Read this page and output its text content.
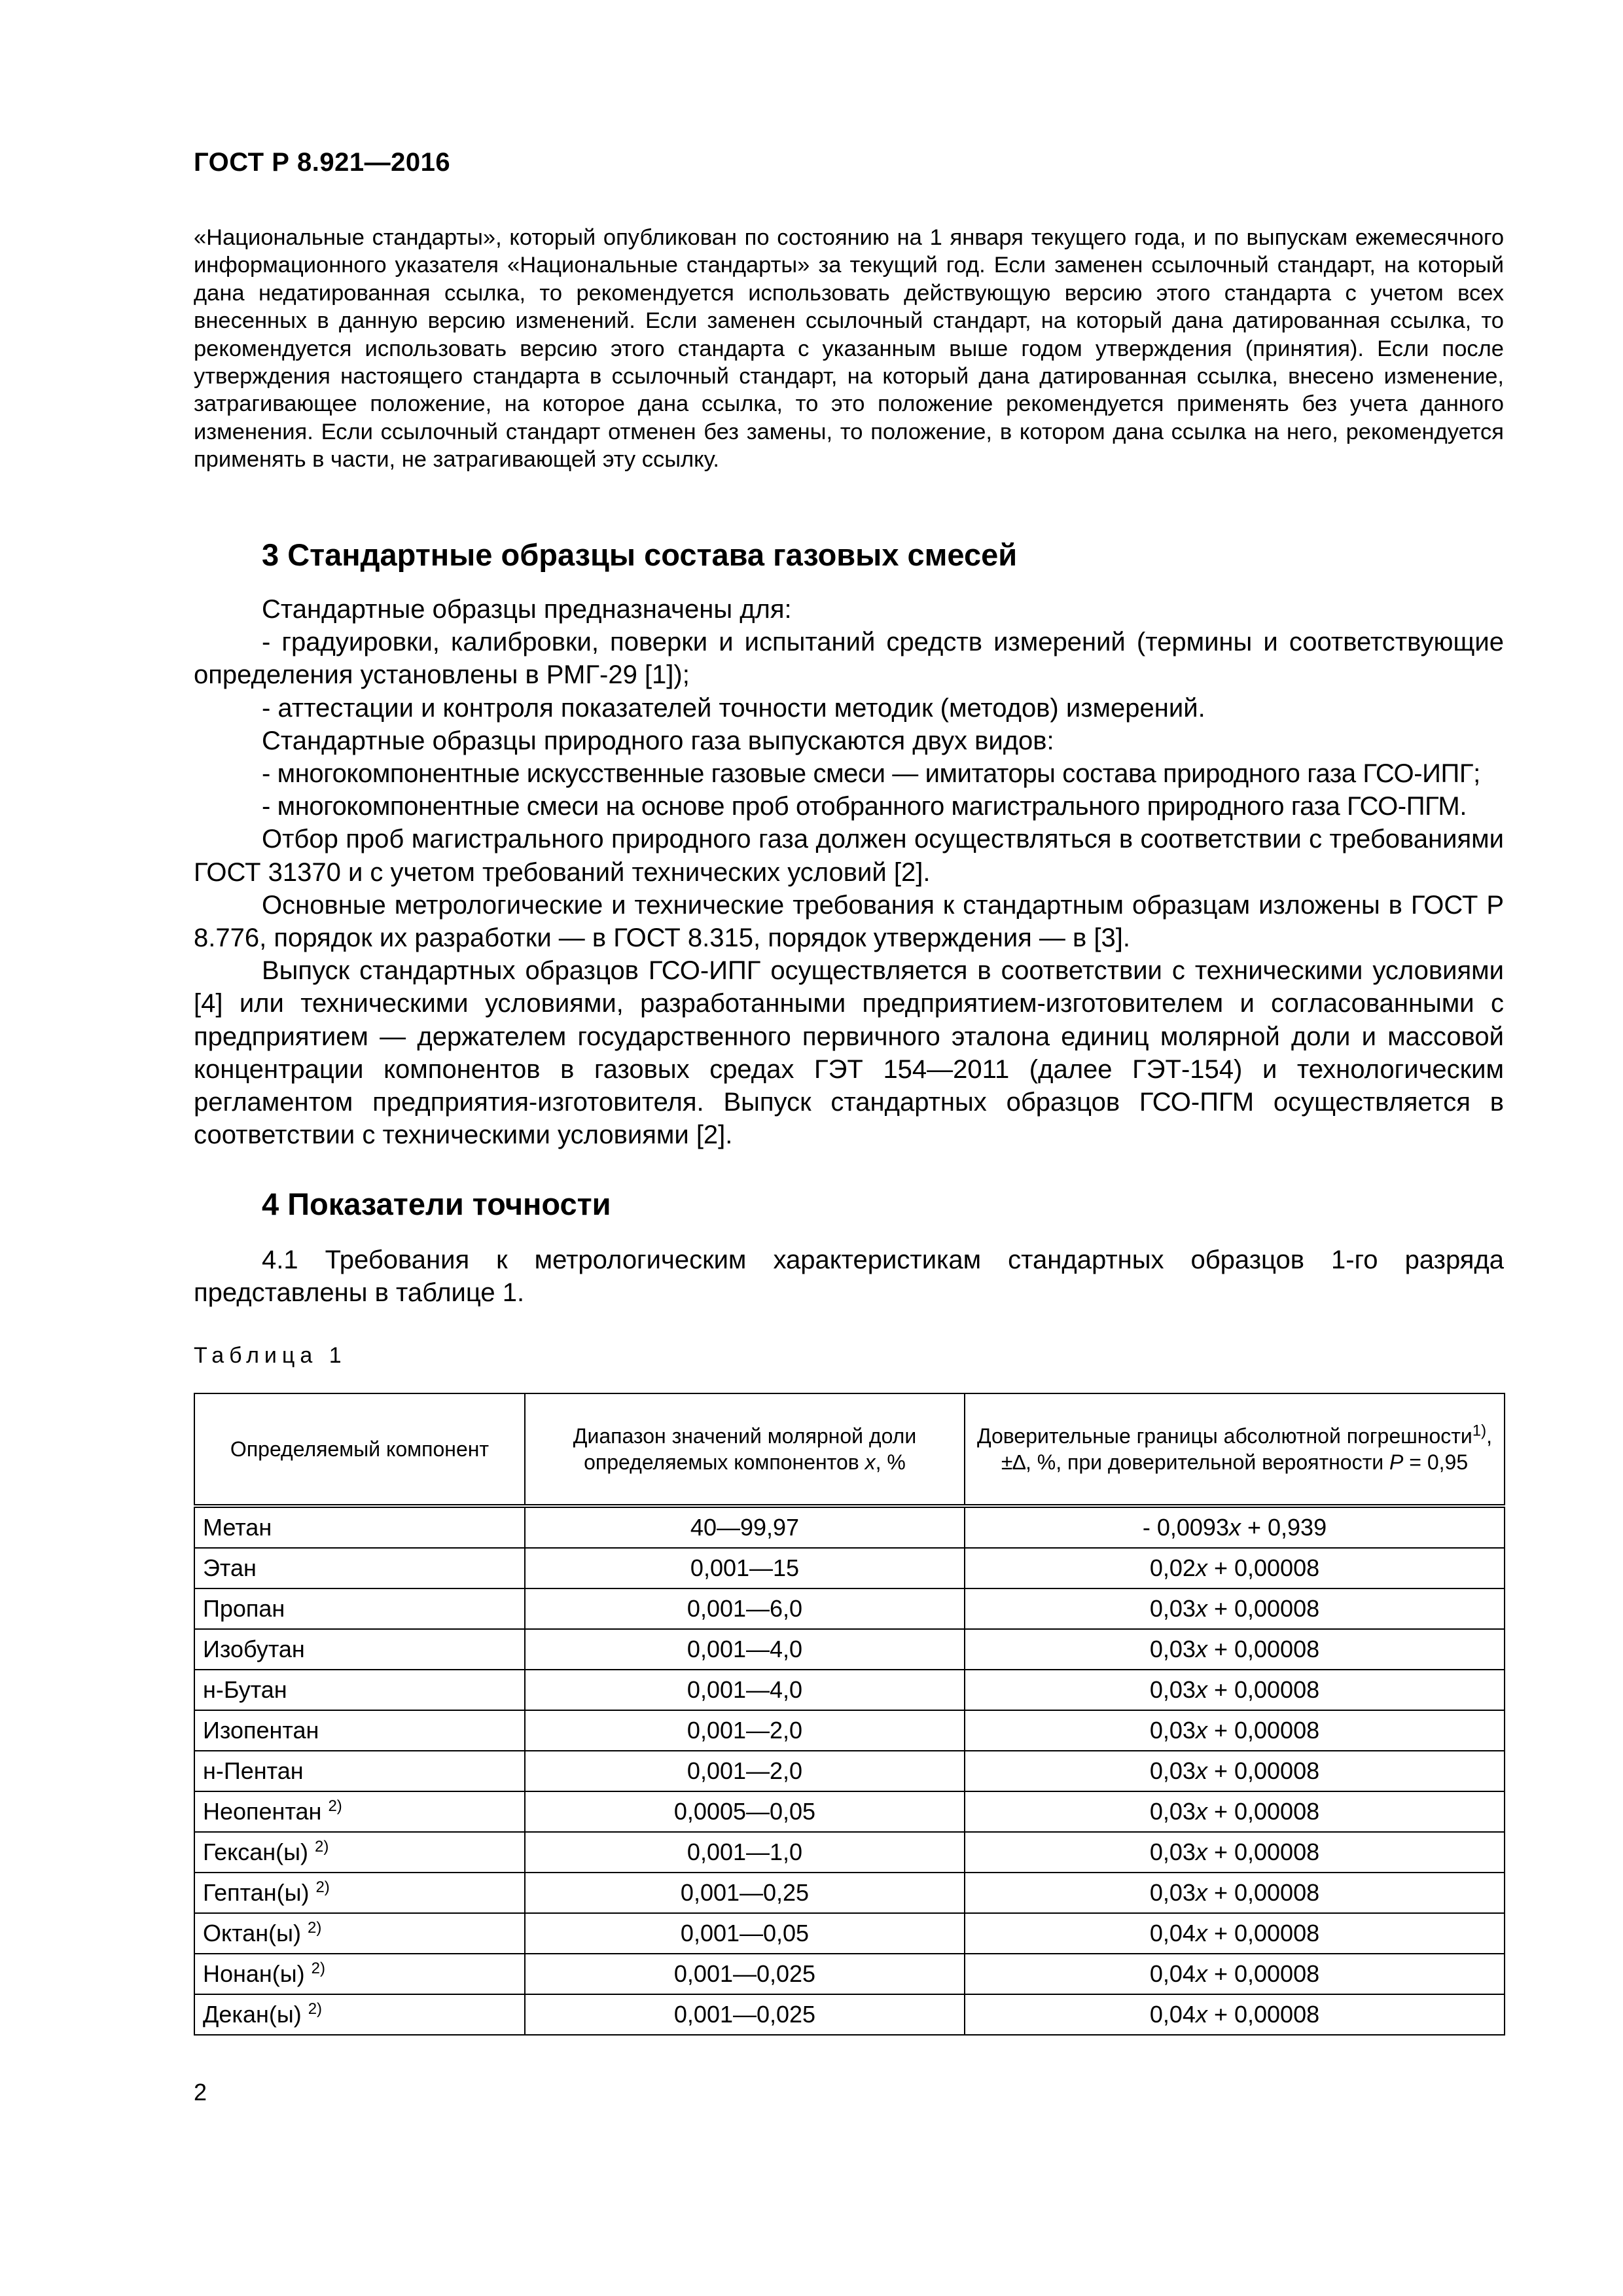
ГОСТ Р 8.921—2016

«Национальные стандарты», который опубликован по состоянию на 1 января текущего года, и по выпускам ежемесячного информационного указателя «Национальные стандарты» за текущий год. Если заменен ссылочный стандарт, на который дана недатированная ссылка, то рекомендуется использовать действующую версию этого стандарта с учетом всех внесенных в данную версию изменений. Если заменен ссылочный стандарт, на который дана датированная ссылка, то рекомендуется использовать версию этого стандарта с указанным выше годом утверждения (принятия). Если после утверждения настоящего стандарта в ссылочный стандарт, на который дана датированная ссылка, внесено изменение, затрагивающее положение, на которое дана ссылка, то это положение рекомендуется применять без учета данного изменения. Если ссылочный стандарт отменен без замены, то положение, в котором дана ссылка на него, рекомендуется применять в части, не затрагивающей эту ссылку.

3 Стандартные образцы состава газовых смесей

Стандартные образцы предназначены для:

- градуировки, калибровки, поверки и испытаний средств измерений (термины и соответствующие определения установлены в РМГ-29 [1]);

- аттестации и контроля показателей точности методик (методов) измерений.

Стандартные образцы природного газа выпускаются двух видов:

- многокомпонентные искусственные газовые смеси — имитаторы состава природного газа ГСО-ИПГ;

- многокомпонентные смеси на основе проб отобранного магистрального природного газа ГСО-ПГМ.

Отбор проб магистрального природного газа должен осуществляться в соответствии с требованиями ГОСТ 31370 и с учетом требований технических условий [2].

Основные метрологические и технические требования к стандартным образцам изложены в ГОСТ Р 8.776, порядок их разработки — в ГОСТ 8.315, порядок утверждения — в [3].

Выпуск стандартных образцов ГСО-ИПГ осуществляется в соответствии с техническими условиями [4] или техническими условиями, разработанными предприятием-изготовителем и согласованными с предприятием — держателем государственного первичного эталона единиц молярной доли и массовой концентрации компонентов в газовых средах ГЭТ 154—2011 (далее ГЭТ-154) и технологическим регламентом предприятия-изготовителя. Выпуск стандартных образцов ГСО-ПГМ осуществляется в соответствии с техническими условиями [2].

4 Показатели точности

4.1 Требования к метрологическим характеристикам стандартных образцов 1-го разряда представлены в таблице 1.

Таблица 1
Определяемый компонент	Диапазон значений молярной доли определяемых компонентов x, %	Доверительные границы абсолютной погрешности$^{1)}$, ±∆, %, при доверительной вероятности P = 0,95
Метан	40—99,97	- 0,0093x + 0,939
Этан	0,001—15	0,02x + 0,00008
Пропан	0,001—6,0	0,03x + 0,00008
Изобутан	0,001—4,0	0,03x + 0,00008
н-Бутан	0,001—4,0	0,03x + 0,00008
Изопентан	0,001—2,0	0,03x + 0,00008
н-Пентан	0,001—2,0	0,03x + 0,00008
Неопентан $^{2)}$	0,0005—0,05	0,03x + 0,00008
Гексан(ы) $^{2)}$	0,001—1,0	0,03x + 0,00008
Гептан(ы) $^{2)}$	0,001—0,25	0,03x + 0,00008
Октан(ы) $^{2)}$	0,001—0,05	0,04x + 0,00008
Нонан(ы) $^{2)}$	0,001—0,025	0,04x + 0,00008
Декан(ы) $^{2)}$	0,001—0,025	0,04x + 0,00008
2
